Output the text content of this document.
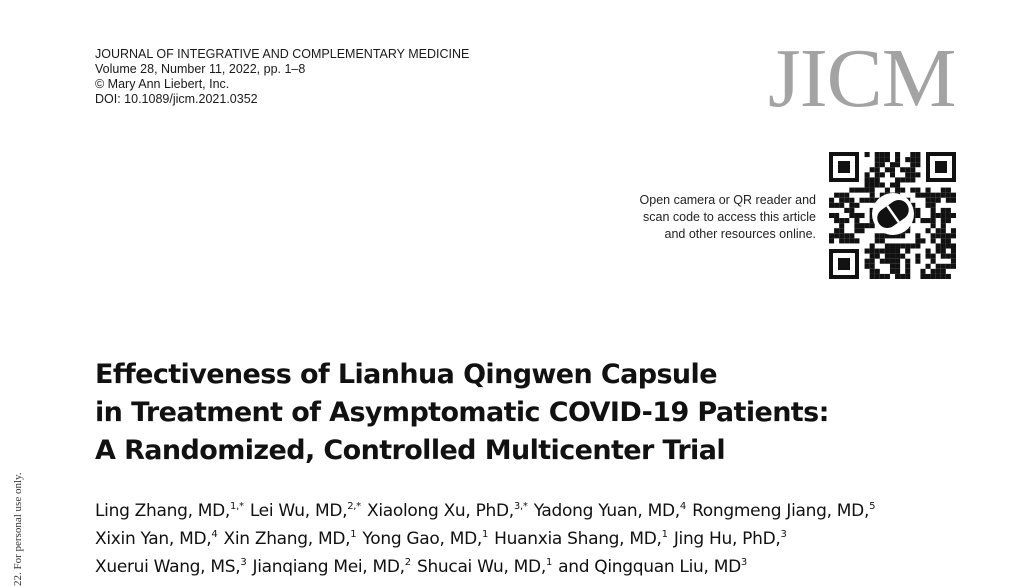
JOURNAL OF INTEGRATIVE AND COMPLEMENTARY MEDICINE
Volume 28, Number 11, 2022, pp. 1–8
© Mary Ann Liebert, Inc.
DOI: 10.1089/jicm.2021.0352	JICM
Open camera or QR reader and
scan code to access this article
and other resources online.
Effectiveness of Lianhua Qingwen Capsule
in Treatment of Asymptomatic COVID-19 Patients:
A Randomized, Controlled Multicenter Trial
Ling Zhang, MD,$^{1,*}$ Lei Wu, MD,$^{2,*}$ Xiaolong Xu, PhD,$^{3,*}$ Yadong Yuan, MD,$^4$ Rongmeng Jiang, MD,$^5$
Xixin Yan, MD,$^4$ Xin Zhang, MD,$^1$ Yong Gao, MD,$^1$ Huanxia Shang, MD,$^1$ Jing Hu, PhD,$^3$
Xuerui Wang, MS,$^3$ Jianqiang Mei, MD,$^2$ Shucai Wu, MD,$^1$ and Qingquan Liu, $MD^3$
22. For personal use only.
